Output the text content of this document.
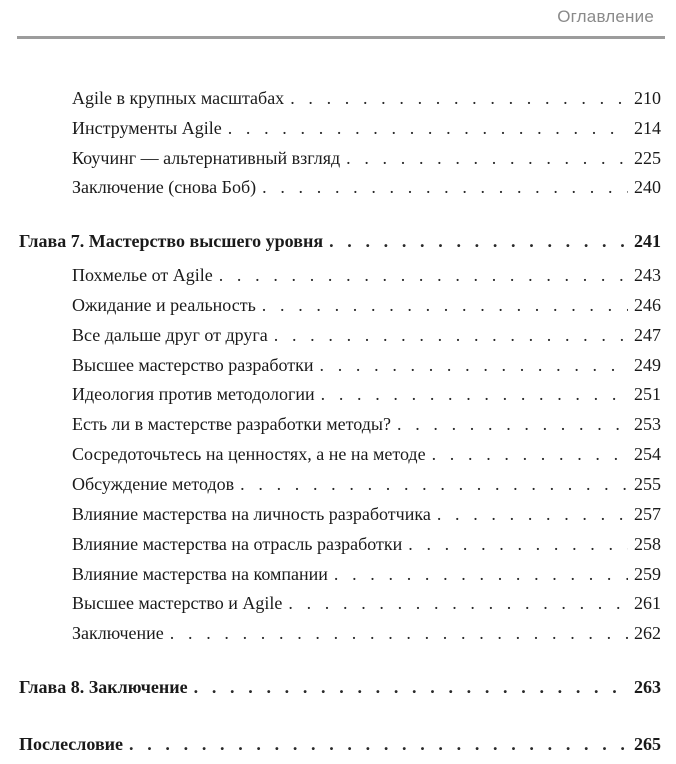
Оглавление
Agile в крупных масштабах . . .	210
Инструменты Agile . . .	214
Коучинг — альтернативный взгляд . . .	225
Заключение (снова Боб) . . .	240
Глава 7. Мастерство высшего уровня . . .	241
Похмелье от Agile . . .	243
Ожидание и реальность . . .	246
Все дальше друг от друга . . .	247
Высшее мастерство разработки . . .	249
Идеология против методологии . . .	251
Есть ли в мастерстве разработки методы? . . .	253
Сосредоточьтесь на ценностях, а не на методе . . .	254
Обсуждение методов . . .	255
Влияние мастерства на личность разработчика . . .	257
Влияние мастерства на отрасль разработки . . .	258
Влияние мастерства на компании . . .	259
Высшее мастерство и Agile . . .	261
Заключение . . .	262
Глава 8. Заключение . . .	263
Послесловие . . .	265
